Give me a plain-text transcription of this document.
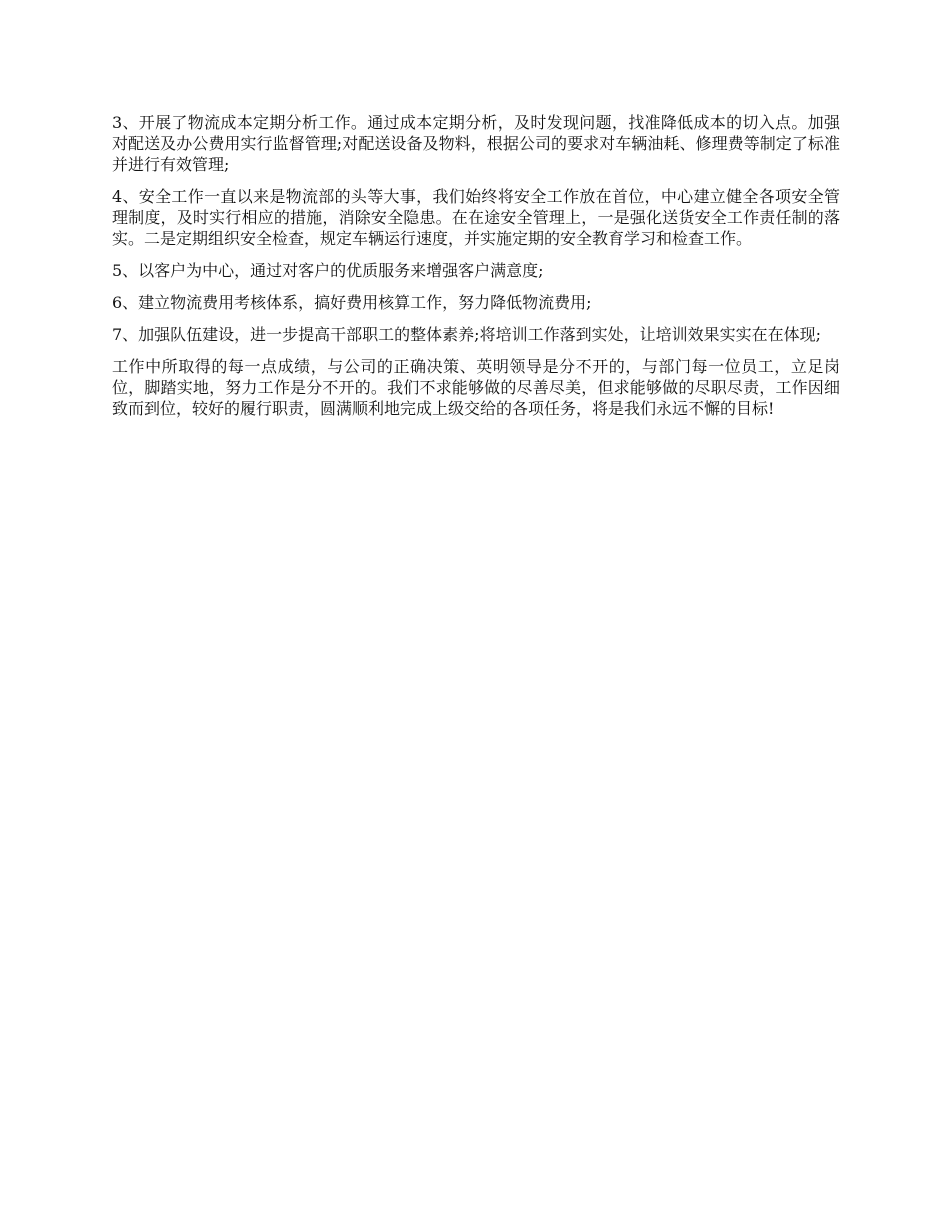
3、开展了物流成本定期分析工作。通过成本定期分析，及时发现问题，找准降低成本的切入点。加强对配送及办公费用实行监督管理;对配送设备及物料，根据公司的要求对车辆油耗、修理费等制定了标准并进行有效管理;

4、安全工作一直以来是物流部的头等大事，我们始终将安全工作放在首位，中心建立健全各项安全管理制度，及时实行相应的措施，消除安全隐患。在在途安全管理上，一是强化送货安全工作责任制的落实。二是定期组织安全检查，规定车辆运行速度，并实施定期的安全教育学习和检查工作。

5、以客户为中心，通过对客户的优质服务来增强客户满意度;

6、建立物流费用考核体系，搞好费用核算工作，努力降低物流费用;

7、加强队伍建设，进一步提高干部职工的整体素养;将培训工作落到实处，让培训效果实实在在体现;

工作中所取得的每一点成绩，与公司的正确决策、英明领导是分不开的，与部门每一位员工，立足岗位，脚踏实地，努力工作是分不开的。我们不求能够做的尽善尽美，但求能够做的尽职尽责，工作因细致而到位，较好的履行职责，圆满顺利地完成上级交给的各项任务，将是我们永远不懈的目标!
